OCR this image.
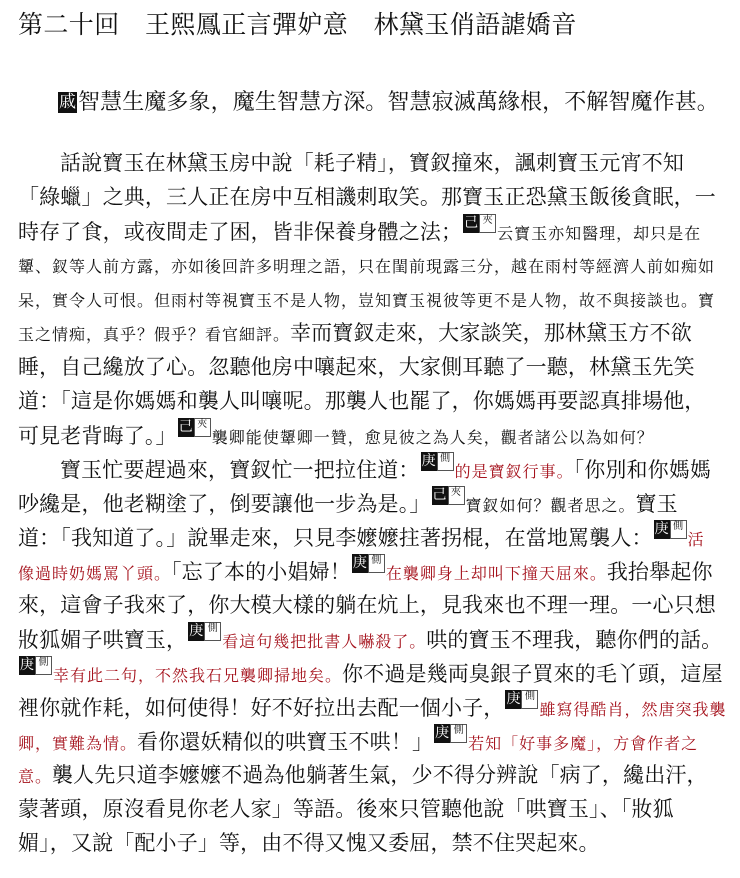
第二十回　王熙鳳正言彈妒意　林黛玉俏語謔嬌音
戚智慧生魔多象，魔生智慧方深。智慧寂滅萬緣根，不解智魔作甚。
話說寶玉在林黛玉房中說「耗子精」，寶釵撞來，諷刺寶玉元宵不知
「綠蠟」之典，三人正在房中互相譏刺取笑。那寶玉正恐黛玉飯後貪眠，一
時存了食，或夜間走了困，皆非保養身體之法； 己 夾云寶玉亦知醫理，却只是在
顰、釵等人前方露，亦如後回許多明理之語，只在閨前現露三分，越在雨村等經濟人前如痴如
呆，實令人可恨。但雨村等視寶玉不是人物，豈知寶玉視彼等更不是人物，故不與接談也。寶
玉之情痴，真乎？假乎？看官細評。幸而寶釵走來，大家談笑，那林黛玉方不欲
睡，自己纔放了心。忽聽他房中嚷起來，大家側耳聽了一聽，林黛玉先笑
道：「這是你媽媽和襲人叫嚷呢。那襲人也罷了，你媽媽再要認真排場他，
可見老背晦了。」 己 夾襲卿能使顰卿一贊，愈見彼之為人矣，觀者諸公以為如何？
寶玉忙要趕過來，寶釵忙一把拉住道： 庚 側的是寶釵行事。「你別和你媽媽
吵纔是，他老糊塗了，倒要讓他一步為是。」 己 夾寶釵如何？觀者思之。寶玉
道：「我知道了。」說畢走來，只見李嬤嬤拄著拐棍，在當地罵襲人： 庚 側活
像過時奶媽罵丫頭。「忘了本的小娼婦！ 庚 側在襲卿身上却叫下撞天屈來。我抬舉起你
來，這會子我來了，你大模大樣的躺在炕上，見我來也不理一理。一心只想
妝狐媚子哄寶玉， 庚 側看這句幾把批書人嚇殺了。哄的寶玉不理我，聽你們的話。
庚 側幸有此二句，不然我石兄襲卿掃地矣。你不過是幾両臭銀子買來的毛丫頭，這屋
裡你就作耗，如何使得！好不好拉出去配一個小子， 庚 側雖寫得酷肖，然唐突我襲
卿，實難為情。看你還妖精似的哄寶玉不哄！」 庚 側若知「好事多魔」，方會作者之
意。襲人先只道李嬤嬤不過為他躺著生氣，少不得分辨說「病了，纔出汗，
蒙著頭，原沒看見你老人家」等語。後來只管聽他說「哄寶玉」、「妝狐
媚」，又說「配小子」等，由不得又愧又委屈，禁不住哭起來。
